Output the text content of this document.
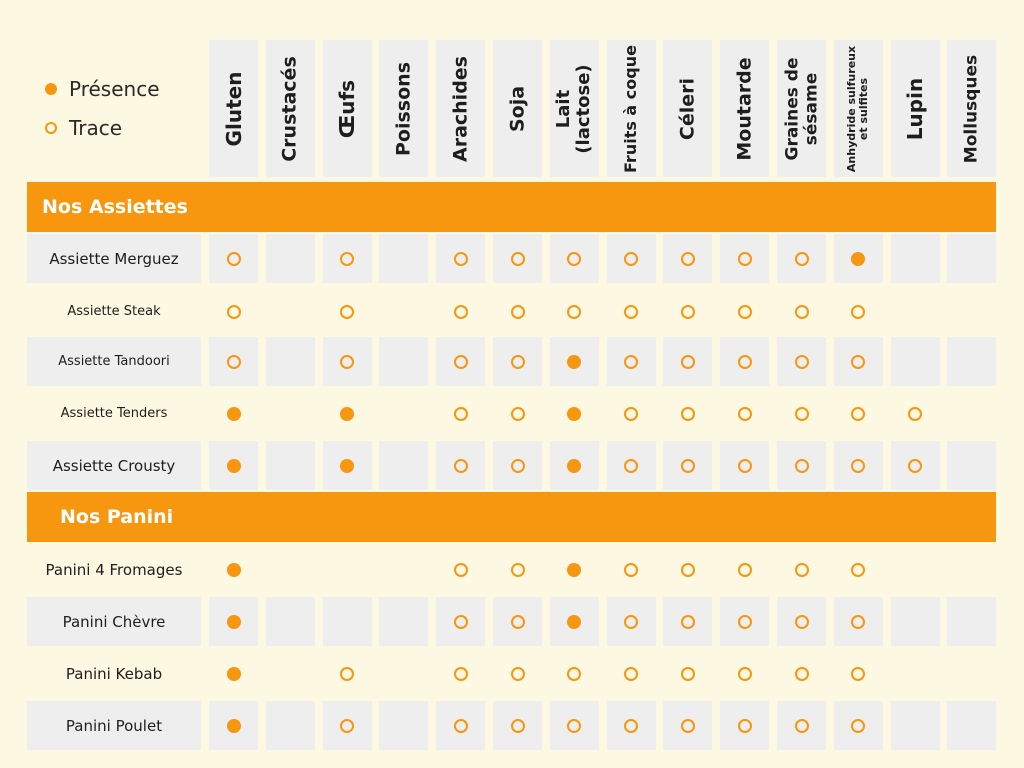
Présence
Trace	Gluten Crustacés Œufs Poissons Arachides Soja Lait
(lactose) Fruits à coque Céleri Moutarde Graines de
sésame Anhydride sulfureux
et sulfites Lupin Mollusques
Nos Assiettes
Assiette Merguez
Assiette Steak
Assiette Tandoori
Assiette Tenders
Assiette Crousty
Nos Panini
Panini 4 Fromages
Panini Chèvre
Panini Kebab
Panini Poulet
